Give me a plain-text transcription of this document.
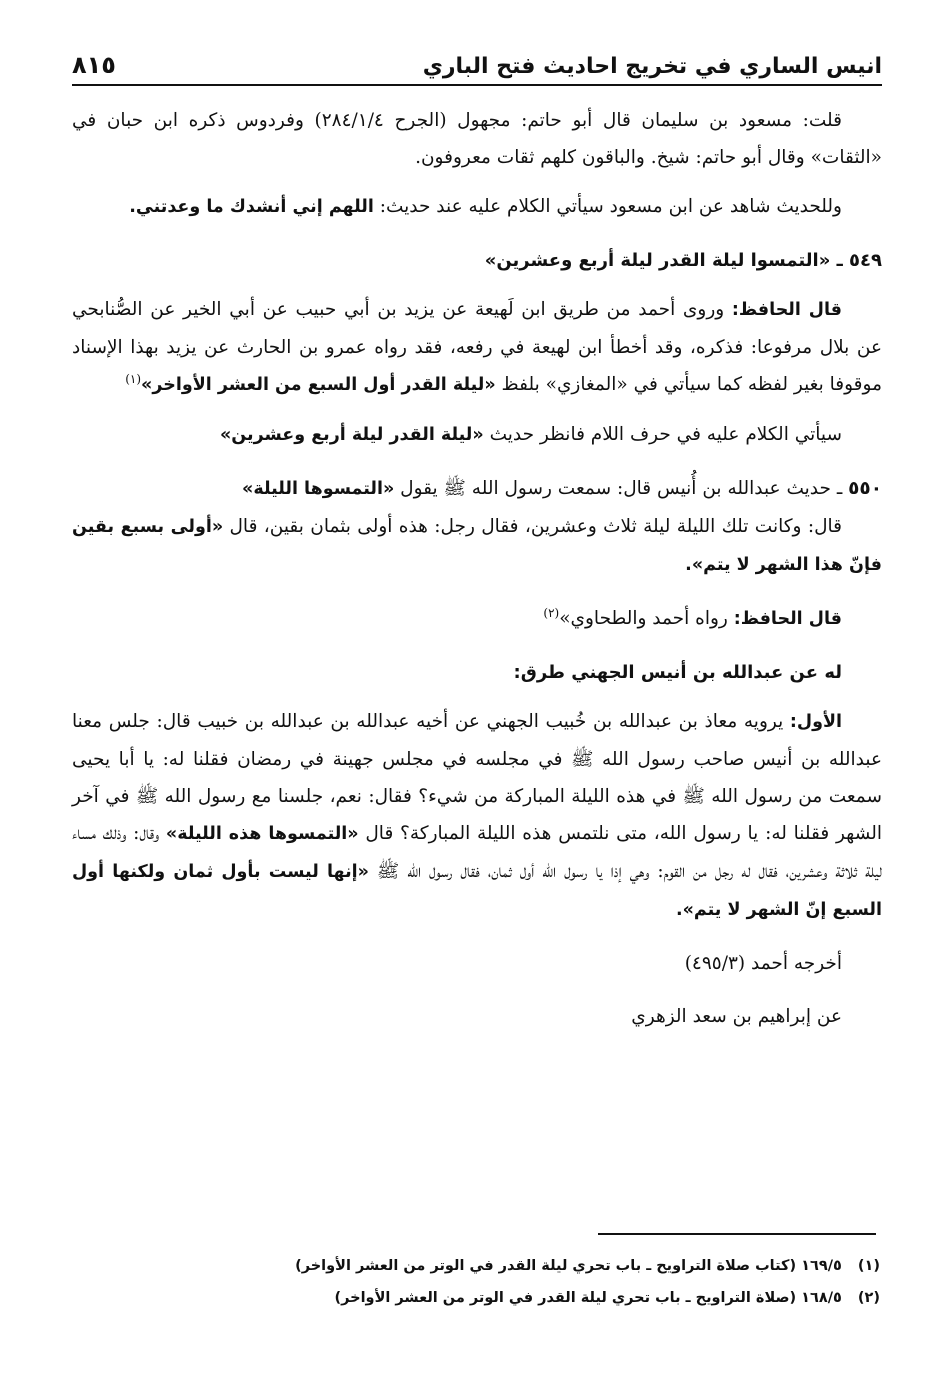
انيس الساري في تخريج احاديث فتح الباري
٨١٥

قلت: مسعود بن سليمان قال أبو حاتم: مجهول (الجرح ٢٨٤/١/٤) وفردوس ذكره ابن حبان في «الثقات» وقال أبو حاتم: شيخ. والباقون كلهم ثقات معروفون.

وللحديث شاهد عن ابن مسعود سيأتي الكلام عليه عند حديث: اللهم إني أنشدك ما وعدتني.

٥٤٩ ـ «التمسوا ليلة القدر ليلة أربع وعشرين»

قال الحافظ: وروى أحمد من طريق ابن لَهيعة عن يزيد بن أبي حبيب عن أبي الخير عن الصُّنابحي عن بلال مرفوعا: فذكره، وقد أخطأ ابن لهيعة في رفعه، فقد رواه عمرو بن الحارث عن يزيد بهذا الإسناد موقوفا بغير لفظه كما سيأتي في «المغازي» بلفظ «ليلة القدر أول السبع من العشر الأواخر»$^{(١)}$

سيأتي الكلام عليه في حرف اللام فانظر حديث «ليلة القدر ليلة أربع وعشرين»

٥٥٠ ـ حديث عبدالله بن أُنيس قال: سمعت رسول الله ﷺ يقول «التمسوها الليلة»

قال: وكانت تلك الليلة ليلة ثلاث وعشرين، فقال رجل: هذه أولى بثمان بقين، قال «أولى بسبع بقين فإنّ هذا الشهر لا يتم».

قال الحافظ: رواه أحمد والطحاوي»$^{(٢)}$

له عن عبدالله بن أنيس الجهني طرق:

الأول: يرويه معاذ بن عبدالله بن خُبيب الجهني عن أخيه عبدالله بن عبدالله بن خبيب قال: جلس معنا عبدالله بن أنيس صاحب رسول الله ﷺ في مجلسه في مجلس جهينة في رمضان فقلنا له: يا أبا يحيى سمعت من رسول الله ﷺ في هذه الليلة المباركة من شيء؟ فقال: نعم، جلسنا مع رسول الله ﷺ في آخر الشهر فقلنا له: يا رسول الله، متى نلتمس هذه الليلة المباركة؟ قال «التمسوها هذه الليلة» وقال: وذلك مساء ليلة ثلاثة وعشرين، فقال له رجل من القوم: وهي إذا يا رسول الله أول ثمان، فقال رسول الله ﷺ «إنها ليست بأول ثمان ولكنها أول السبع إنّ الشهر لا يتم».

أخرجه أحمد (٤٩٥/٣)

عن إبراهيم بن سعد الزهري

(١)
١٦٩/٥ (كتاب صلاة التراويح ـ باب تحري ليلة القدر في الوتر من العشر الأواخر)
(٢)
١٦٨/٥ (صلاة التراويح ـ باب تحري ليلة القدر في الوتر من العشر الأواخر)
